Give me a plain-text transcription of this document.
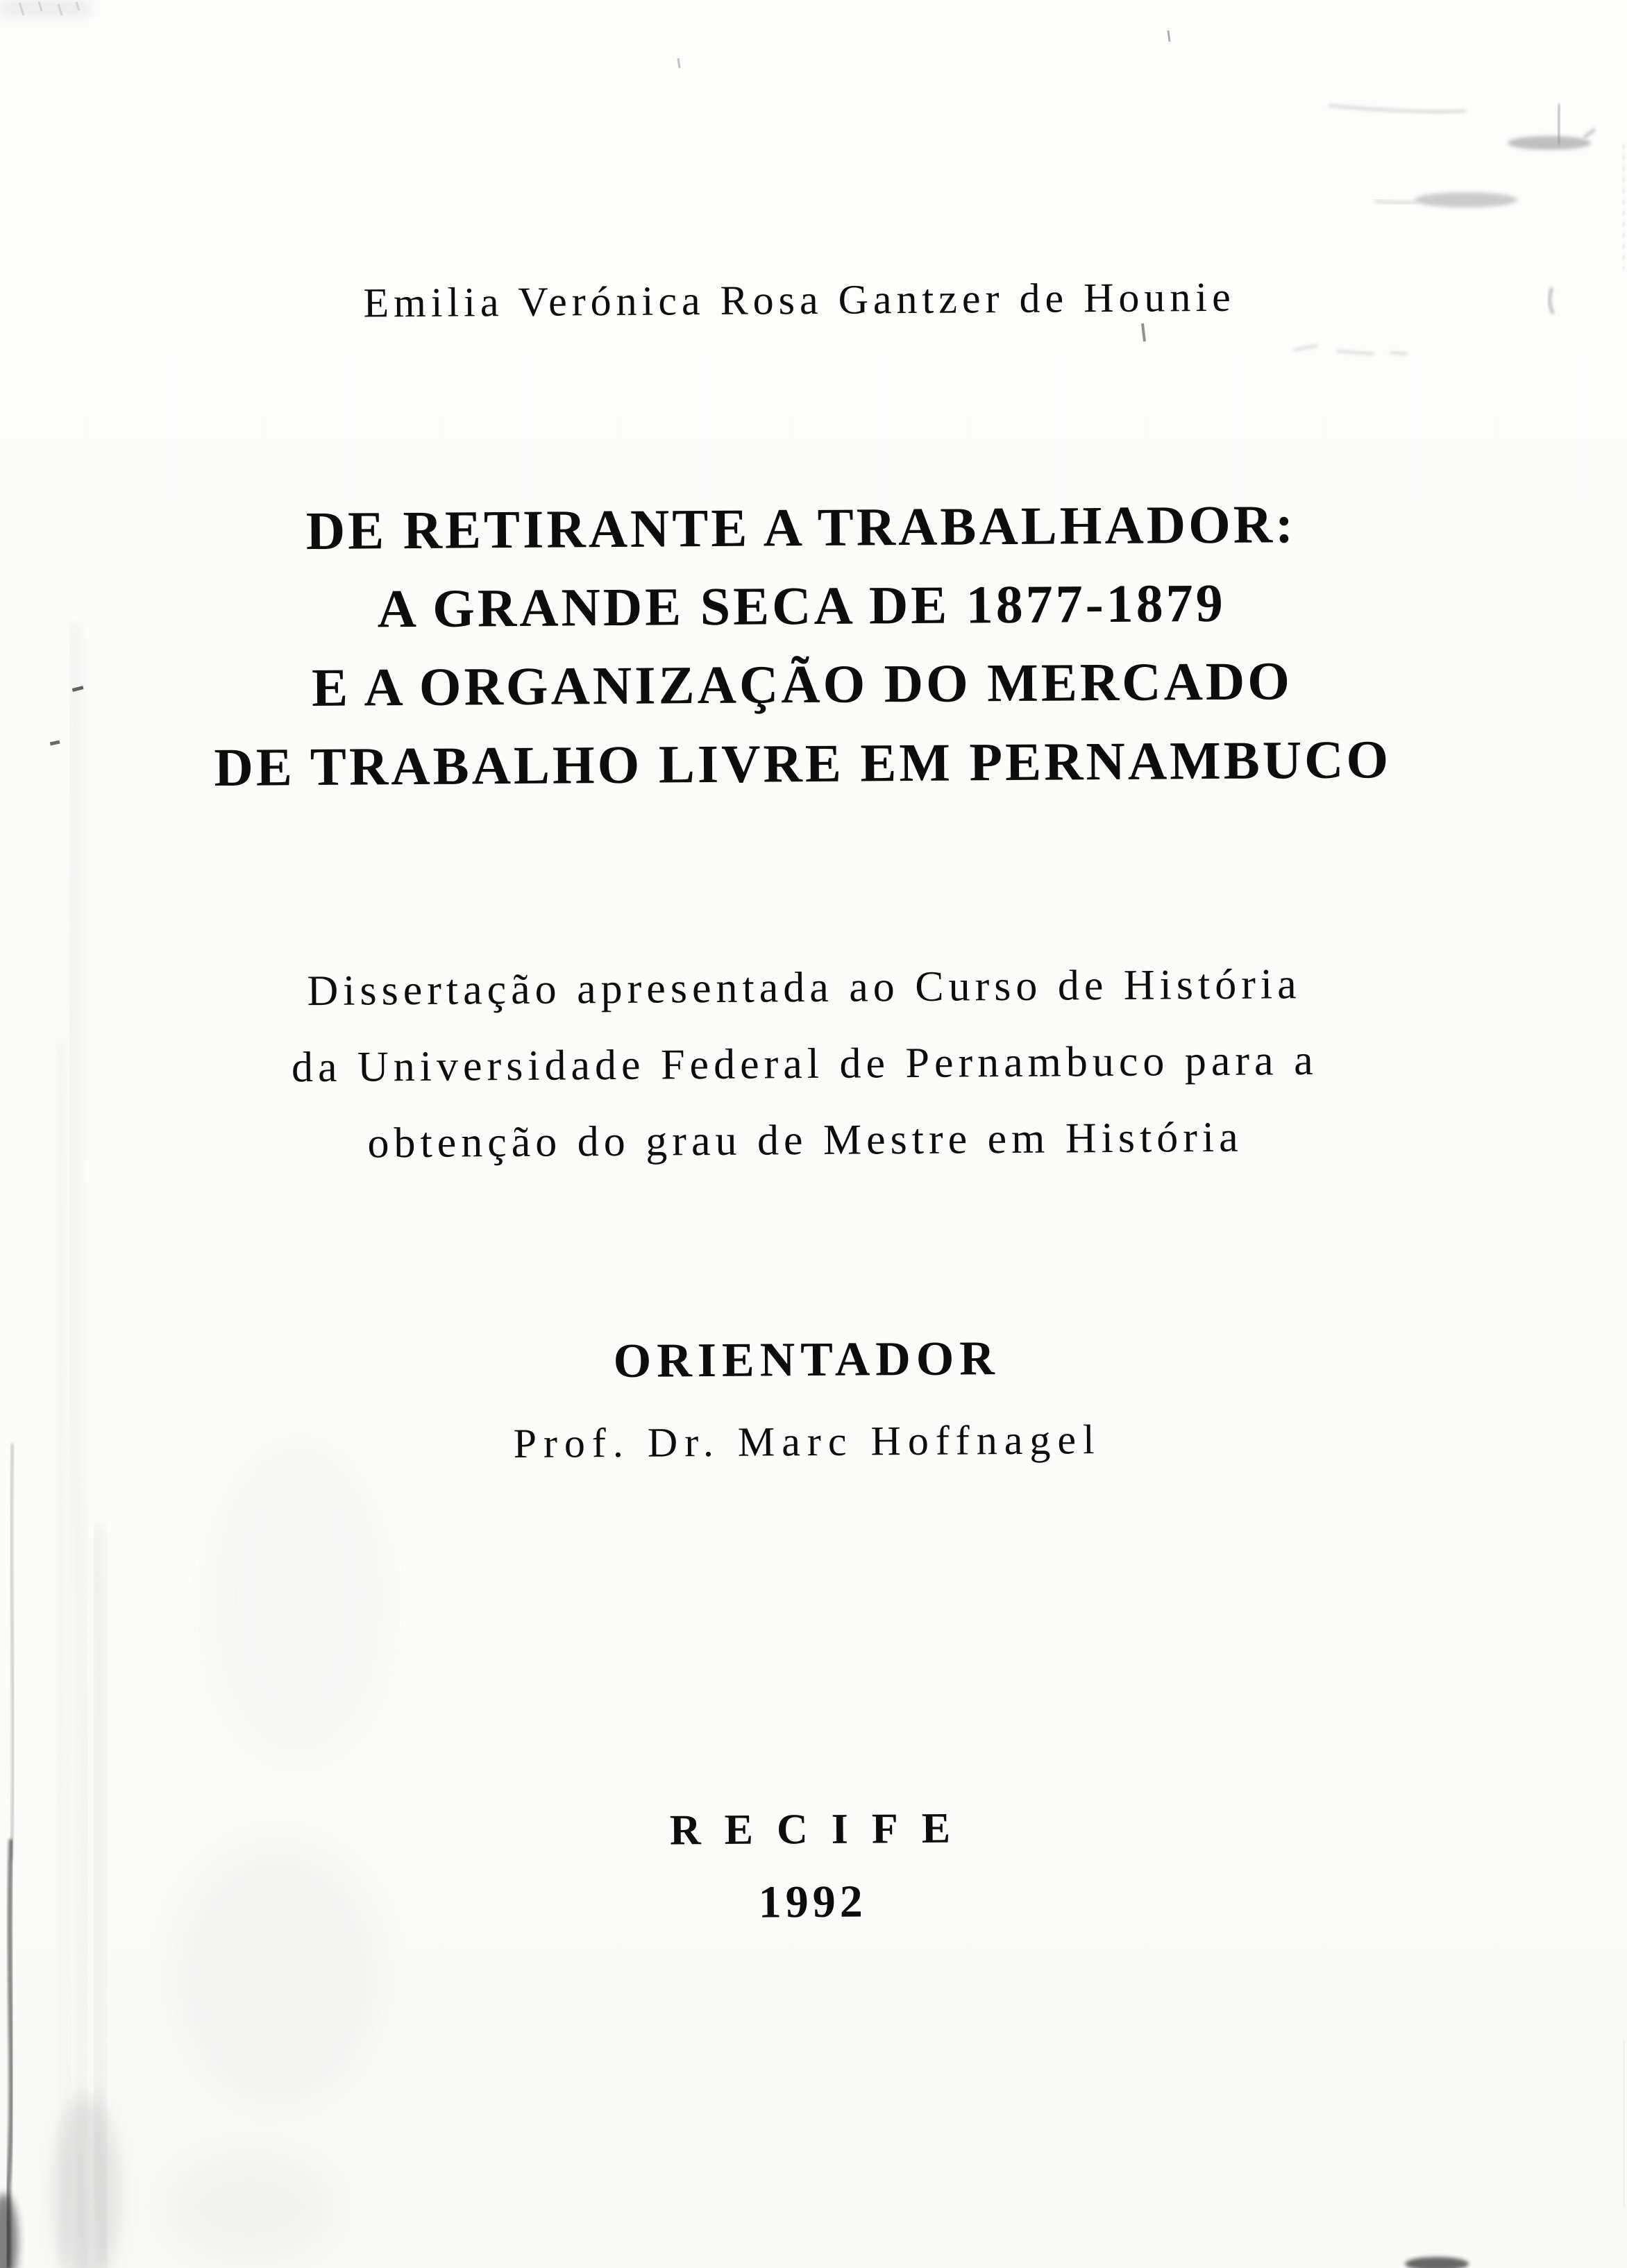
Emilia Verónica Rosa Gantzer de Hounie
DE RETIRANTE A TRABALHADOR:
A GRANDE SECA DE 1877-1879
E A ORGANIZAÇÃO DO MERCADO
DE TRABALHO LIVRE EM PERNAMBUCO
Dissertação apresentada ao Curso de História
da Universidade Federal de Pernambuco para a
obtenção do grau de Mestre em História
ORIENTADOR
Prof. Dr. Marc Hoffnagel
RECIFE
1992
